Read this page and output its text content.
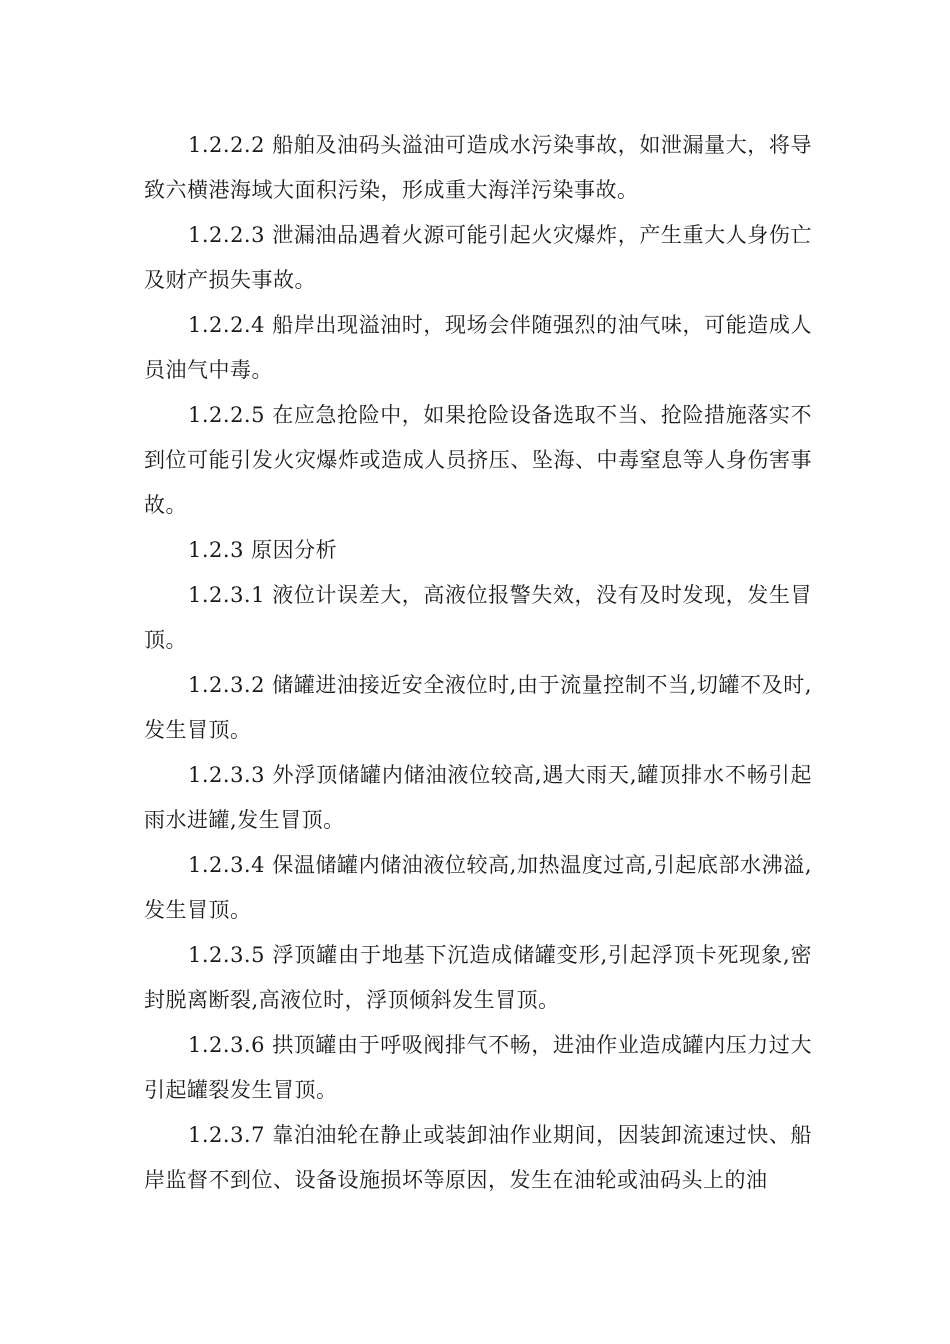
1.2.2.2 船舶及油码头溢油可造成水污染事故，如泄漏量大，将导致六横港海域大面积污染，形成重大海洋污染事故。

1.2.2.3 泄漏油品遇着火源可能引起火灾爆炸，产生重大人身伤亡及财产损失事故。

1.2.2.4 船岸出现溢油时，现场会伴随强烈的油气味，可能造成人员油气中毒。

1.2.2.5 在应急抢险中，如果抢险设备选取不当、抢险措施落实不到位可能引发火灾爆炸或造成人员挤压、坠海、中毒窒息等人身伤害事故。

1.2.3 原因分析

1.2.3.1 液位计误差大，高液位报警失效，没有及时发现，发生冒顶。

1.2.3.2 储罐进油接近安全液位时,由于流量控制不当,切罐不及时,发生冒顶。

1.2.3.3 外浮顶储罐内储油液位较高,遇大雨天,罐顶排水不畅引起雨水进罐,发生冒顶。

1.2.3.4 保温储罐内储油液位较高,加热温度过高,引起底部水沸溢,发生冒顶。

1.2.3.5 浮顶罐由于地基下沉造成储罐变形,引起浮顶卡死现象,密封脱离断裂,高液位时，浮顶倾斜发生冒顶。

1.2.3.6 拱顶罐由于呼吸阀排气不畅，进油作业造成罐内压力过大引起罐裂发生冒顶。

1.2.3.7 靠泊油轮在静止或装卸油作业期间，因装卸流速过快、船岸监督不到位、设备设施损坏等原因，发生在油轮或油码头上的油
